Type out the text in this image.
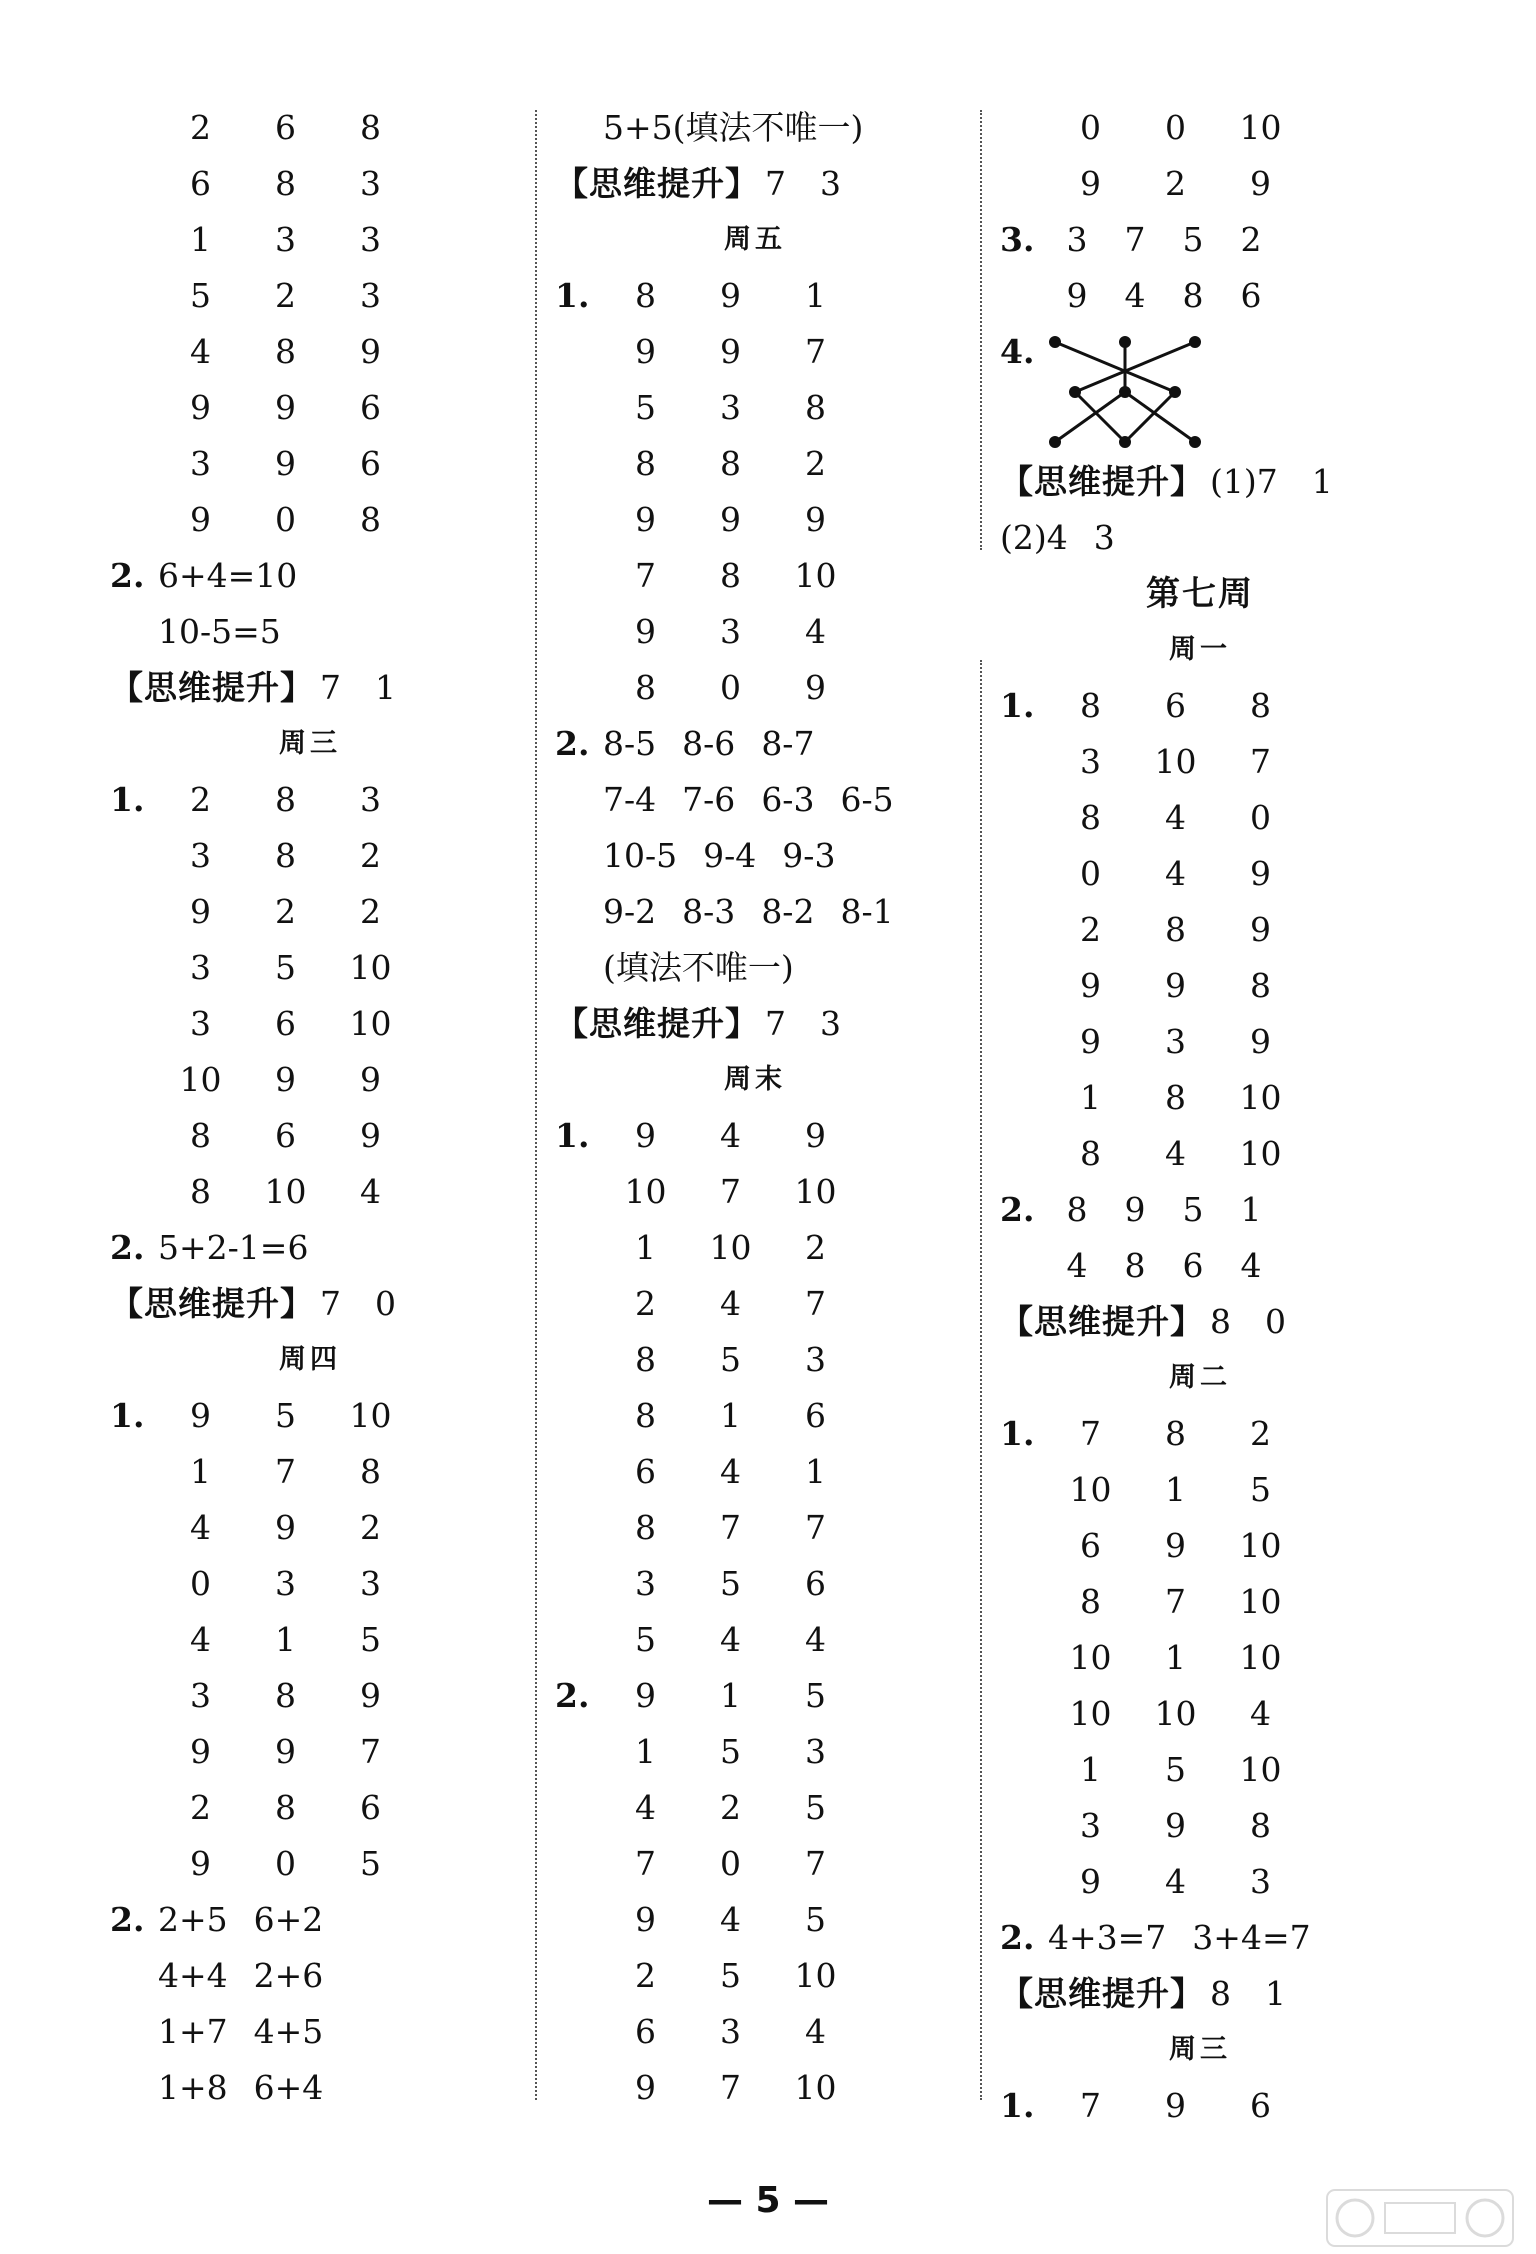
2 6 86 8 31 3 35 2 34 8 99 9 63 9 69 0 82. 6+4=1010-5=5
【思维提升】 7 1
周三
1. 2 8 33 8 29 2 23 5 103 6 1010 9 98 6 98 10 42. 5+2-1=6
【思维提升】 7 0
周四
1. 9 5 101 7 84 9 20 3 34 1 53 8 99 9 72 8 69 0 52. 2+5 6+24+4 2+61+7 4+51+8 6+4
5+5(填法不唯一)
【思维提升】 7 3
周五
1. 8 9 19 9 75 3 88 8 29 9 97 8 109 3 48 0 92. 8-5 8-6 8-77-4 7-6 6-3 6-510-5 9-4 9-39-2 8-3 8-2 8-1(填法不唯一)
【思维提升】 7 3
周末
1. 9 4 910 7 101 10 22 4 78 5 38 1 66 4 18 7 73 5 65 4 42. 9 1 51 5 34 2 57 0 79 4 52 5 106 3 49 7 10
0 0 109 2 93. 3 7 5 29 4 8 6
4.
【思维提升】 (1)7 1
(2)4 3
第七周
周一
1. 8 6 83 10 78 4 00 4 92 8 99 9 89 3 91 8 108 4 102. 8 9 5 14 8 6 4
【思维提升】 8 0
周二
1. 7 8 210 1 56 9 108 7 1010 1 1010 10 41 5 103 9 89 4 32. 4+3=7 3+4=7
【思维提升】 8 1
周三
1. 7 9 6
— 5 —
